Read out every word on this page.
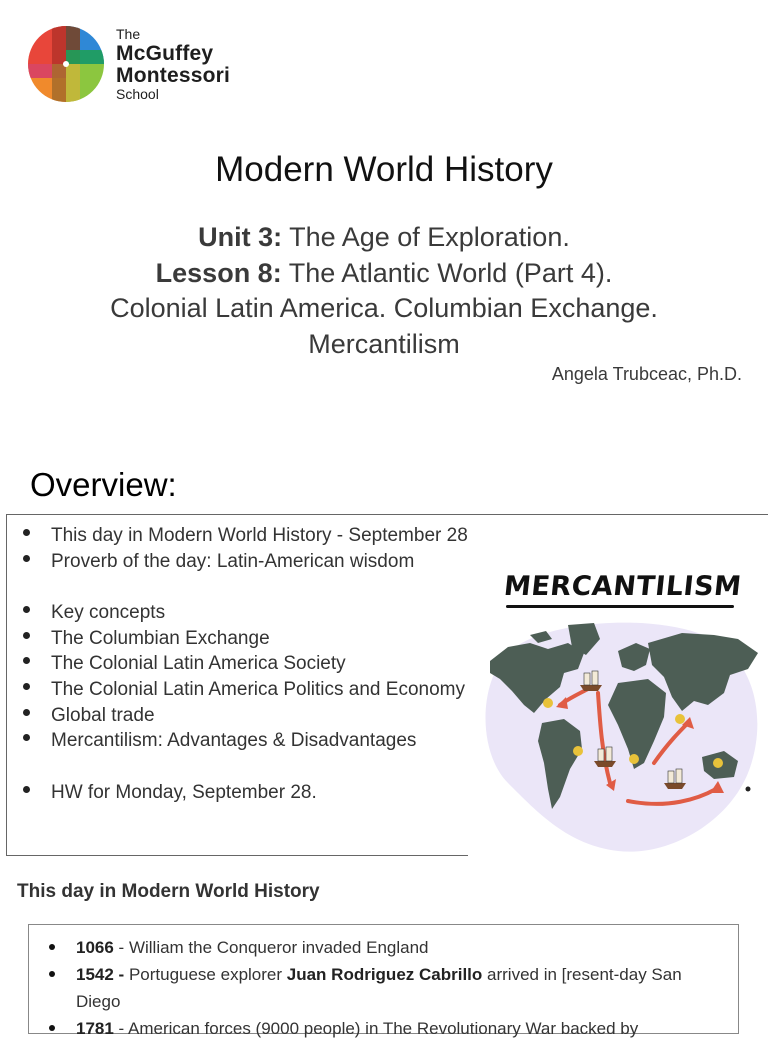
The
McGuffey
Montessori
School
Modern World History
Unit 3: The Age of Exploration.
Lesson 8: The Atlantic World (Part 4).
Colonial Latin America. Columbian Exchange.
Mercantilism
Angela Trubceac, Ph.D.
Overview:
This day in Modern World History - September 28
Proverb of the day: Latin-American wisdom
Key concepts
The Columbian Exchange
The Colonial Latin America Society
The Colonial Latin America Politics and Economy
Global trade
Mercantilism: Advantages & Disadvantages
HW for Monday, September 28.
MERCANTILISM
This day in Modern World History
1066 - William the Conqueror invaded England
1542 - Portuguese explorer Juan Rodriguez Cabrillo arrived in [resent-day San Diego
1781 - American forces (9000 people) in The Revolutionary War backed by
